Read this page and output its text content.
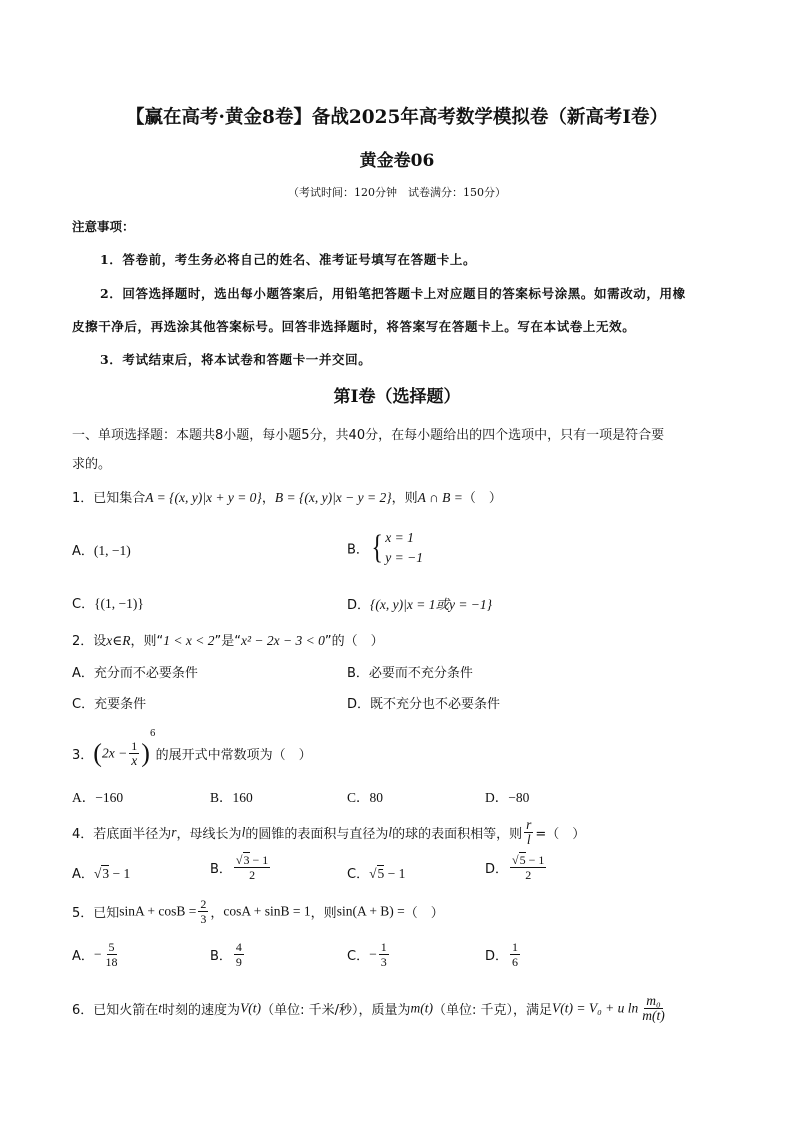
【赢在高考·黄金8卷】备战2025年高考数学模拟卷（新高考Ⅰ卷）
黄金卷06
（考试时间：120分钟　试卷满分：150分）
注意事项：
1．答卷前，考生务必将自己的姓名、准考证号填写在答题卡上。
2．回答选择题时，选出每小题答案后，用铅笔把答题卡上对应题目的答案标号涂黑。如需改动，用橡
皮擦干净后，再选涂其他答案标号。回答非选择题时，将答案写在答题卡上。写在本试卷上无效。
3．考试结束后，将本试卷和答题卡一并交回。
第Ⅰ卷（选择题）
一、单项选择题：本题共8小题，每小题5分，共40分，在每小题给出的四个选项中，只有一项是符合要
求的。
1．已知集合A = {(x, y)|x + y = 0}，B = {(x, y)|x − y = 2}，则A ∩ B =（　）
A．(1, −1)	B．{ x = 1
y = −1
C．{(1, −1)}	D．{(x, y)|x = 1或y = −1}
2．设x∈R，则“1 < x < 2”是“x² − 2x − 3 < 0”的（　）
A．充分而不必要条件	B．必要而不充分条件
C．充要条件	D．既不充分也不必要条件
3．$(2x - \frac{1}{x} )^6$的展开式中常数项为（　）
A．−160	B．160	C．80	D．−80
4．若底面半径为r，母线长为l的圆锥的表面积与直径为l的球的表面积相等，则 $\frac{r}{l}$ =（　）
A．√3 − 1	B． $\frac{√3 - 1}{2}$	C．√5 − 1	D． $\frac{√5 - 1}{2}$
5．已知$\sin A + \cos B = \frac{2}{3}$ ，cosA + sinB = 1，则sin(A + B) =（　）
A．− $\frac{5}{18}$	B． $\frac{4}{9}$	C．− $\frac{1}{3}$	D． $\frac{1}{6}$
6．已知火箭在t时刻的速度为V(t)（单位: 千米/秒），质量为m(t)（单位: 千克），满足V(t) = V₀ + u $\ln \frac{\text{m₀}}{m(t)}$
